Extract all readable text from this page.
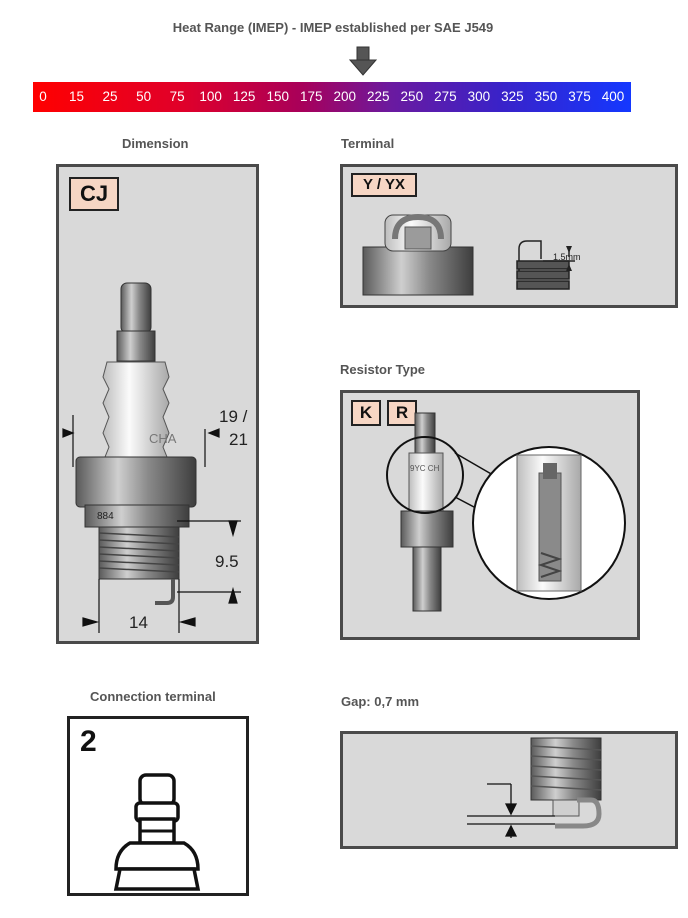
Heat Range (IMEP) - IMEP established per SAE J549
0 15 25 50 75 100 125 150 175 200 225 250 275 300 325 350 375 400
Dimension	Terminal
Resistor Type
Connection terminal	Gap: 0,7 mm
CJ
CHA
884
19 /
21
9.5
14
Y / YX
1.5mm
K	R
9YC CH
2
